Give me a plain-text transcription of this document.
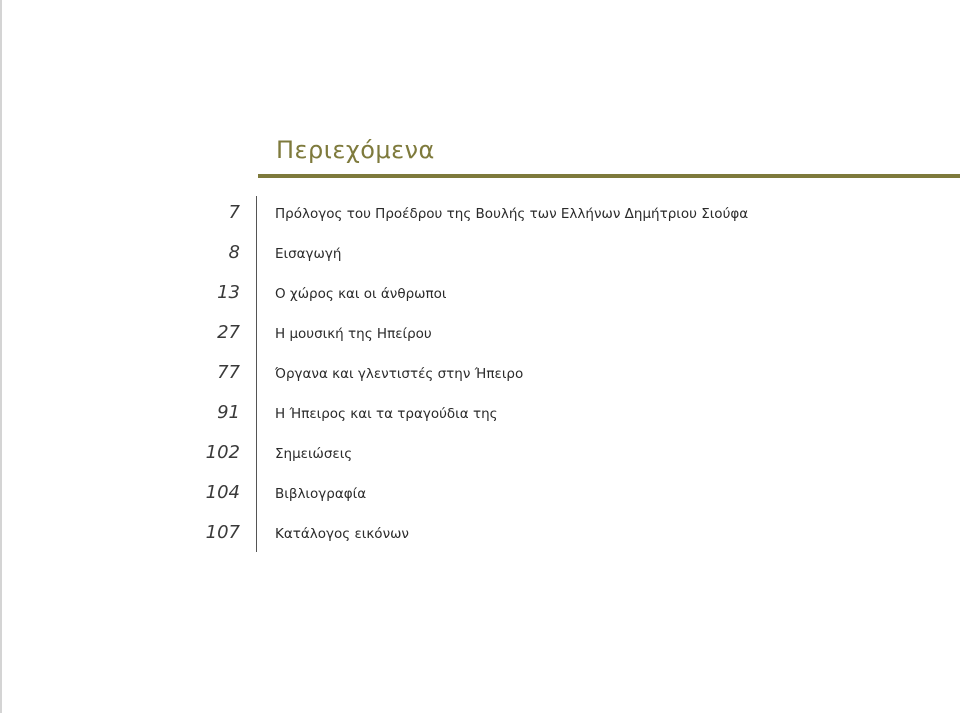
Περιεχόμενα
7	Πρόλογος του Προέδρου της Βουλής των Ελλήνων Δημήτριου Σιούφα
8	Εισαγωγή
13	Ο χώρος και οι άνθρωποι
27	Η μουσική της Ηπείρου
77	Όργανα και γλεντιστές στην Ήπειρο
91	Η Ήπειρος και τα τραγούδια της
102	Σημειώσεις
104	Βιβλιογραφία
107	Κατάλογος εικόνων
